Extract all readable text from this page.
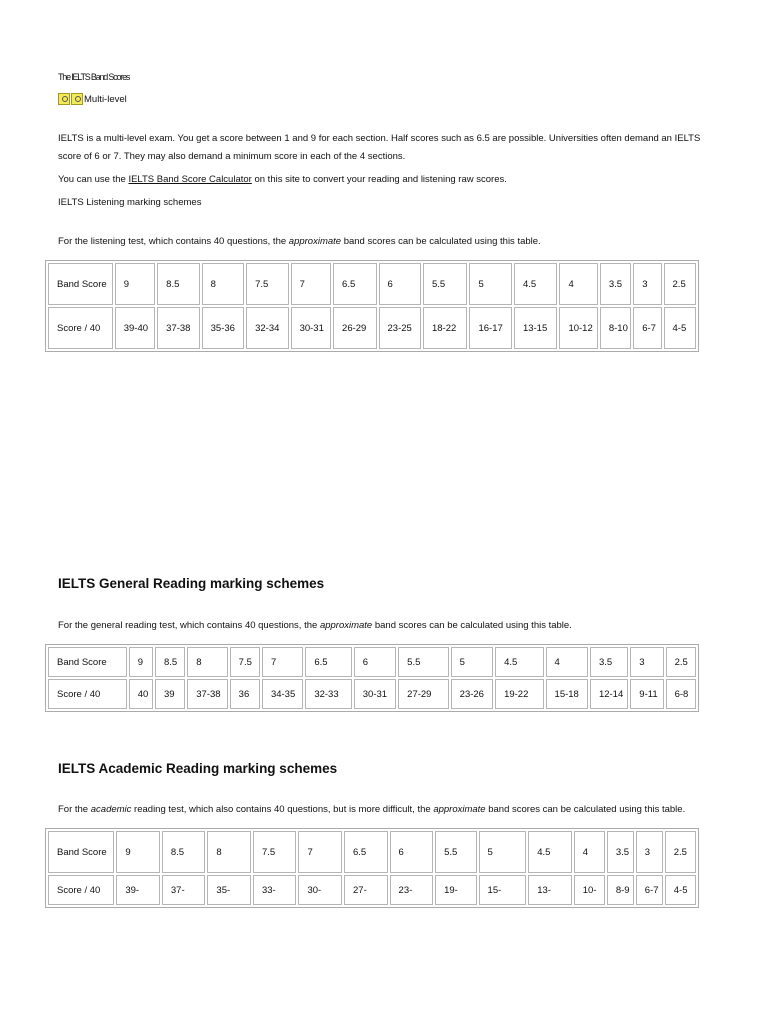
The IELTS Band Scores
Multi-level
IELTS is a multi-level exam. You get a score between 1 and 9 for each section. Half scores such as 6.5 are possible. Universities often demand an IELTS score of 6 or 7. They may also demand a minimum score in each of the 4 sections.
You can use the IELTS Band Score Calculator on this site to convert your reading and listening raw scores.
IELTS Listening marking schemes
For the listening test, which contains 40 questions, the approximate band scores can be calculated using this table.
Band Score	9	8.5	8	7.5	7	6.5	6	5.5	5	4.5	4	3.5	3	2.5
Score / 40	39-40	37-38	35-36	32-34	30-31	26-29	23-25	18-22	16-17	13-15	10-12	8-10	6-7	4-5
IELTS General Reading marking schemes
For the general reading test, which contains 40 questions, the approximate band scores can be calculated using this table.
Band Score	9	8.5	8	7.5	7	6.5	6	5.5	5	4.5	4	3.5	3	2.5
Score / 40	40	39	37-38	36	34-35	32-33	30-31	27-29	23-26	19-22	15-18	12-14	9-11	6-8
IELTS Academic Reading marking schemes
For the academic reading test, which also contains 40 questions, but is more difficult, the approximate band scores can be calculated using this table.
Band Score	9	8.5	8	7.5	7	6.5	6	5.5	5	4.5	4	3.5	3	2.5
Score / 40	39-	37-	35-	33-	30-	27-	23-	19-	15-	13-	10-	8-9	6-7	4-5
